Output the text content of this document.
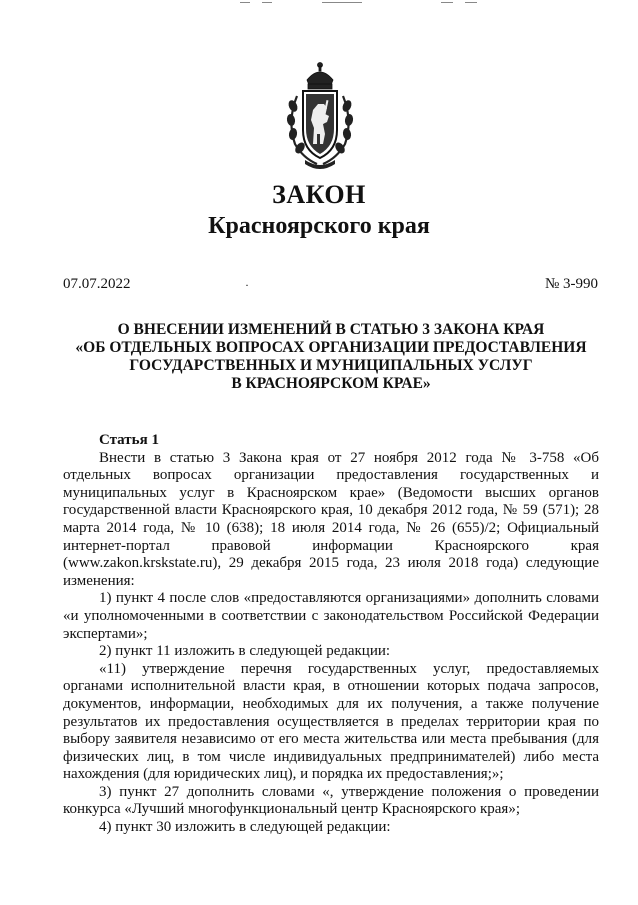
ЗАКОН
Красноярского края
07.07.2022	·	№ 3-990
О ВНЕСЕНИИ ИЗМЕНЕНИЙ В СТАТЬЮ 3 ЗАКОНА КРАЯ
«ОБ ОТДЕЛЬНЫХ ВОПРОСАХ ОРГАНИЗАЦИИ ПРЕДОСТАВЛЕНИЯ
ГОСУДАРСТВЕННЫХ И МУНИЦИПАЛЬНЫХ УСЛУГ
В КРАСНОЯРСКОМ КРАЕ»
Статья 1

Внести в статью 3 Закона края от 27 ноября 2012 года № 3-758 «Об отдельных вопросах организации предоставления государственных и муниципальных услуг в Красноярском крае» (Ведомости высших органов государственной власти Красноярского края, 10 декабря 2012 года, № 59 (571); 28 марта 2014 года, № 10 (638); 18 июля 2014 года, № 26 (655)/2; Официальный интернет-портал правовой информации Красноярского края (www.zakon.krskstate.ru), 29 декабря 2015 года, 23 июля 2018 года) следующие изменения:

1) пункт 4 после слов «предоставляются организациями» дополнить словами «и уполномоченными в соответствии с законодательством Российской Федерации экспертами»;

2) пункт 11 изложить в следующей редакции:

«11) утверждение перечня государственных услуг, предоставляемых органами исполнительной власти края, в отношении которых подача запросов, документов, информации, необходимых для их получения, а также получение результатов их предоставления осуществляется в пределах территории края по выбору заявителя независимо от его места жительства или места пребывания (для физических лиц, в том числе индивидуальных предпринимателей) либо места нахождения (для юридических лиц), и порядка их предоставления;»;

3) пункт 27 дополнить словами «, утверждение положения о проведении конкурса «Лучший многофункциональный центр Красноярского края»;

4) пункт 30 изложить в следующей редакции:
